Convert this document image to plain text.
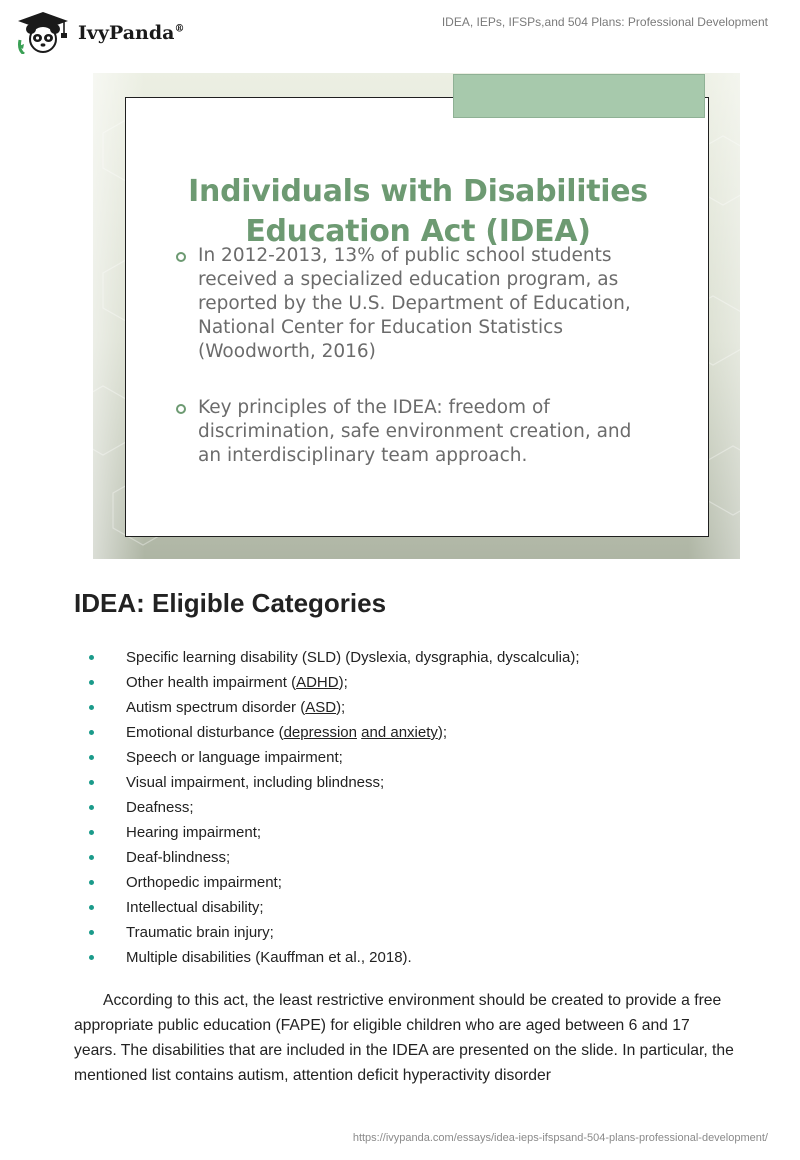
IvyPanda®
IDEA, IEPs, IFSPs,and 504 Plans: Professional Development
Individuals with Disabilities
Education Act (IDEA)
In 2012-2013, 13% of public school students received a specialized education program, as reported by the U.S. Department of Education, National Center for Education Statistics (Woodworth, 2016)
Key principles of the IDEA: freedom of discrimination, safe environment creation, and an interdisciplinary team approach.
IDEA: Eligible Categories
Specific learning disability (SLD) (Dyslexia, dysgraphia, dyscalculia);
Other health impairment (ADHD);
Autism spectrum disorder (ASD);
Emotional disturbance (depression and anxiety);
Speech or language impairment;
Visual impairment, including blindness;
Deafness;
Hearing impairment;
Deaf-blindness;
Orthopedic impairment;
Intellectual disability;
Traumatic brain injury;
Multiple disabilities (Kauffman et al., 2018).

According to this act, the least restrictive environment should be created to provide a free appropriate public education (FAPE) for eligible children who are aged between 6 and 17 years. The disabilities that are included in the IDEA are presented on the slide. In particular, the mentioned list contains autism, attention deficit hyperactivity disorder

https://ivypanda.com/essays/idea-ieps-ifspsand-504-plans-professional-development/
